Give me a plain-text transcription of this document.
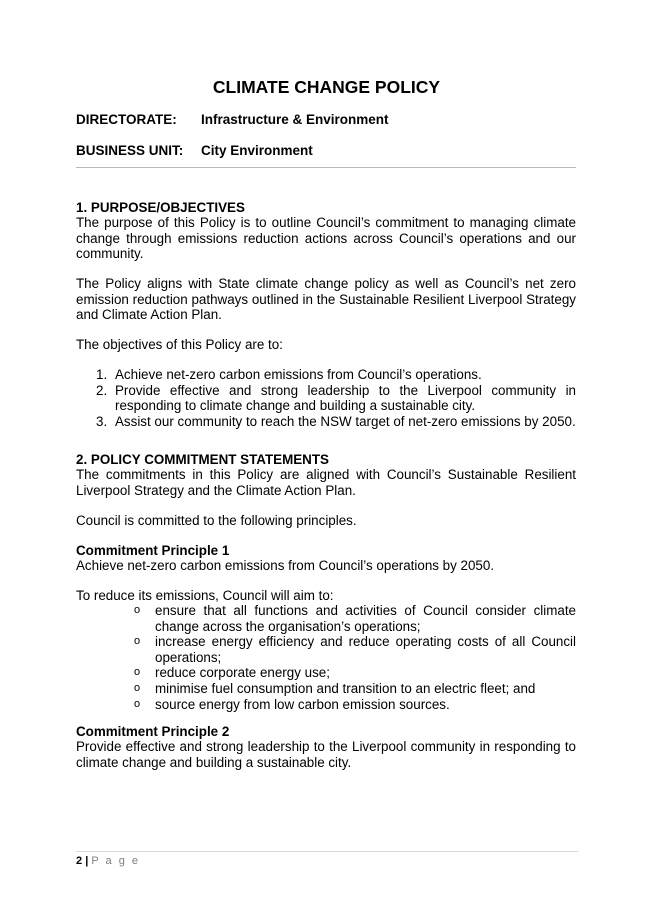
CLIMATE CHANGE POLICY
DIRECTORATE: Infrastructure & Environment
BUSINESS UNIT: City Environment
1. PURPOSE/OBJECTIVES
The purpose of this Policy is to outline Council’s commitment to managing climate change through emissions reduction actions across Council’s operations and our community.
The Policy aligns with State climate change policy as well as Council’s net zero emission reduction pathways outlined in the Sustainable Resilient Liverpool Strategy and Climate Action Plan.
The objectives of this Policy are to:
1. Achieve net-zero carbon emissions from Council’s operations.
2. Provide effective and strong leadership to the Liverpool community in responding to climate change and building a sustainable city.
3. Assist our community to reach the NSW target of net-zero emissions by 2050.
2. POLICY COMMITMENT STATEMENTS
The commitments in this Policy are aligned with Council’s Sustainable Resilient Liverpool Strategy and the Climate Action Plan.
Council is committed to the following principles.
Commitment Principle 1
Achieve net-zero carbon emissions from Council’s operations by 2050.
To reduce its emissions, Council will aim to:
o	ensure that all functions and activities of Council consider climate change across the organisation’s operations;
o	increase energy efficiency and reduce operating costs of all Council operations;
o	reduce corporate energy use;
o	minimise fuel consumption and transition to an electric fleet; and
o	source energy from low carbon emission sources.
Commitment Principle 2
Provide effective and strong leadership to the Liverpool community in responding to climate change and building a sustainable city.
2 | P a g e
